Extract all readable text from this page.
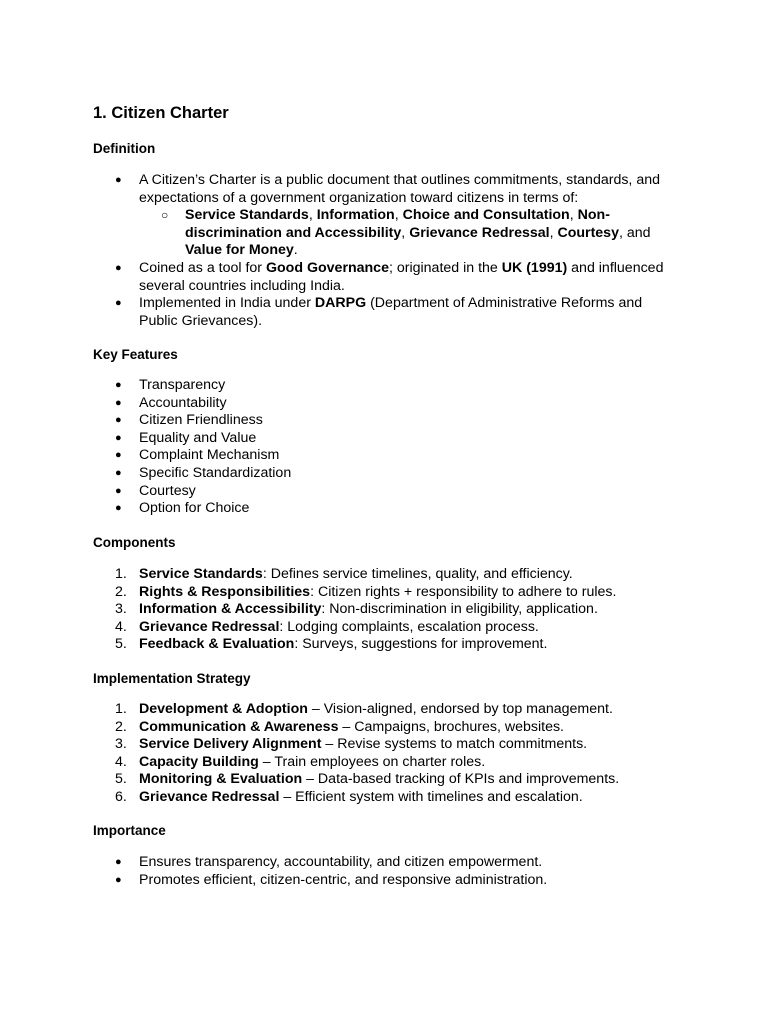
1. Citizen Charter
Definition
A Citizen’s Charter is a public document that outlines commitments, standards, and expectations of a government organization toward citizens in terms of:
Service Standards, Information, Choice and Consultation, Non-discrimination and Accessibility, Grievance Redressal, Courtesy, and Value for Money.
Coined as a tool for Good Governance; originated in the UK (1991) and influenced several countries including India.
Implemented in India under DARPG (Department of Administrative Reforms and Public Grievances).
Key Features
Transparency
Accountability
Citizen Friendliness
Equality and Value
Complaint Mechanism
Specific Standardization
Courtesy
Option for Choice
Components
1. Service Standards: Defines service timelines, quality, and efficiency.
2. Rights & Responsibilities: Citizen rights + responsibility to adhere to rules.
3. Information & Accessibility: Non-discrimination in eligibility, application.
4. Grievance Redressal: Lodging complaints, escalation process.
5. Feedback & Evaluation: Surveys, suggestions for improvement.
Implementation Strategy
1. Development & Adoption – Vision-aligned, endorsed by top management.
2. Communication & Awareness – Campaigns, brochures, websites.
3. Service Delivery Alignment – Revise systems to match commitments.
4. Capacity Building – Train employees on charter roles.
5. Monitoring & Evaluation – Data-based tracking of KPIs and improvements.
6. Grievance Redressal – Efficient system with timelines and escalation.
Importance
Ensures transparency, accountability, and citizen empowerment.
Promotes efficient, citizen-centric, and responsive administration.
